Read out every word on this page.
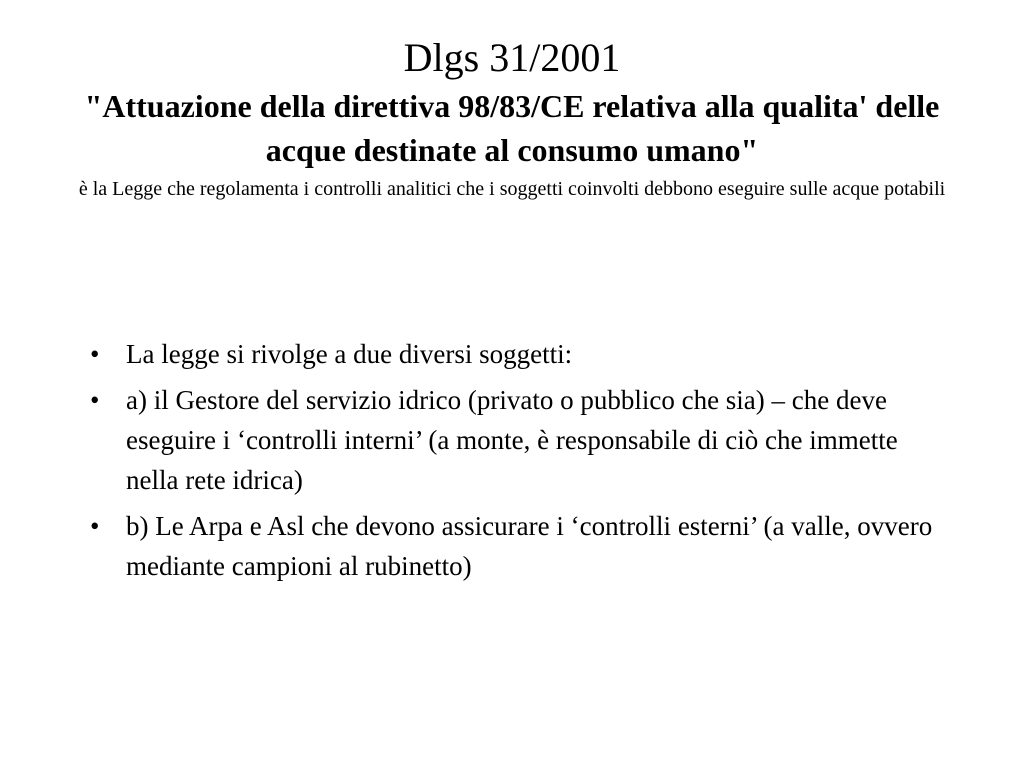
Dlgs 31/2001

"Attuazione della direttiva 98/83/CE relativa alla qualita' delle acque destinate al consumo umano"

è la Legge che regolamenta i controlli analitici che i soggetti coinvolti debbono eseguire sulle acque potabili

• La legge si rivolge a due diversi soggetti:
• a) il Gestore del servizio idrico (privato o pubblico che sia) – che deve eseguire i ‘controlli interni’ (a monte, è responsabile di ciò che immette nella rete idrica)
• b) Le Arpa e Asl che devono assicurare i ‘controlli esterni’ (a valle, ovvero mediante campioni al rubinetto)
